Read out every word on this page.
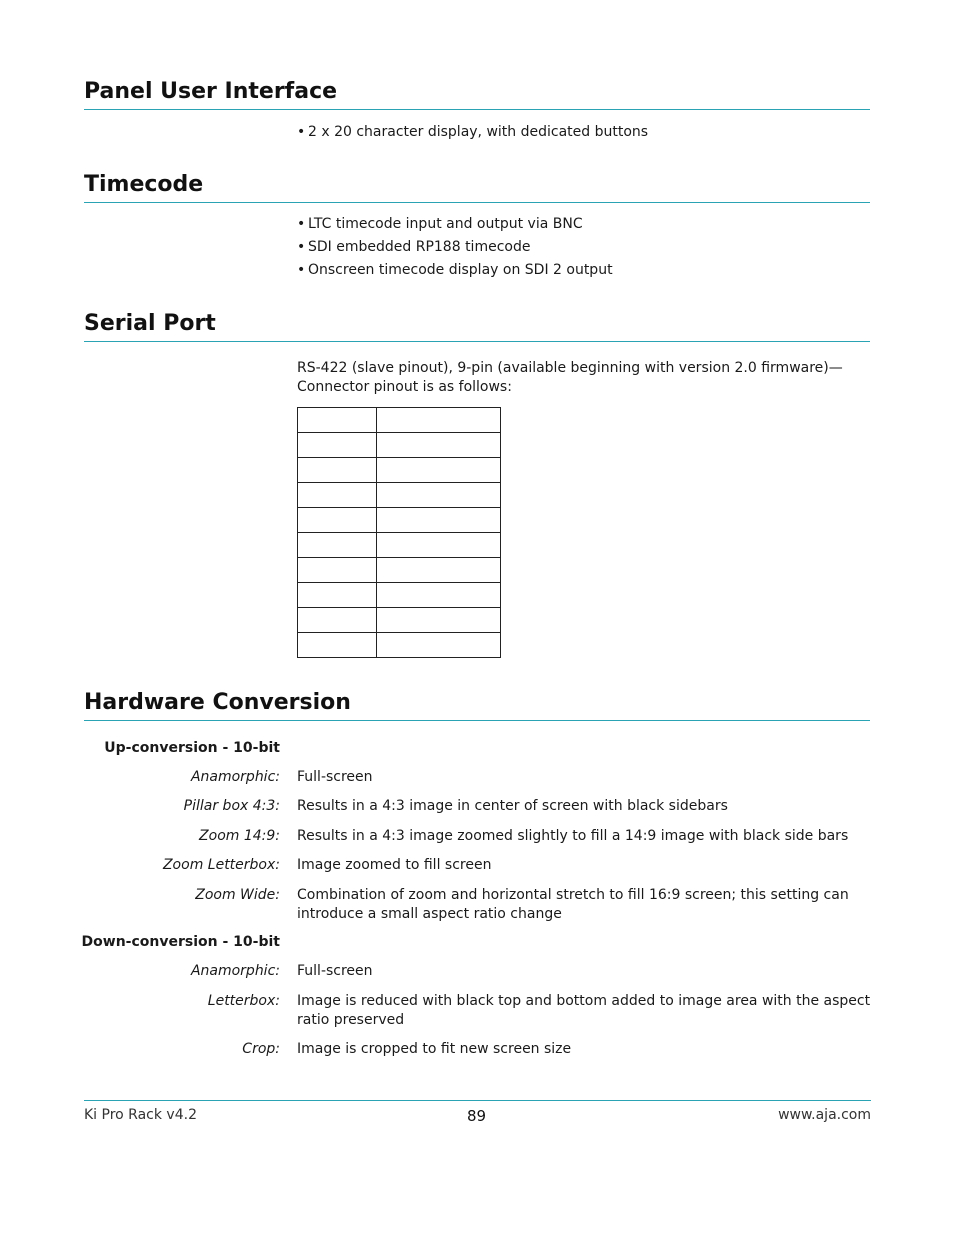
Panel User Interface
• 2 x 20 character display, with dedicated buttons
Timecode
• LTC timecode input and output via BNC
• SDI embedded RP188 timecode
• Onscreen timecode display on SDI 2 output
Serial Port

RS-422 (slave pinout), 9-pin (available beginning with version 2.0 firmware)—Connector pinout is as follows:

Hardware Conversion
Up-conversion - 10-bit
Anamorphic: Full-screen
Pillar box 4:3: Results in a 4:3 image in center of screen with black sidebars
Zoom 14:9: Results in a 4:3 image zoomed slightly to fill a 14:9 image with black side bars
Zoom Letterbox: Image zoomed to fill screen
Zoom Wide: Combination of zoom and horizontal stretch to fill 16:9 screen; this setting can introduce a small aspect ratio change
Down-conversion - 10-bit
Anamorphic: Full-screen
Letterbox: Image is reduced with black top and bottom added to image area with the aspect ratio preserved
Crop: Image is cropped to fit new screen size
Ki Pro Rack v4.2	89	www.aja.com
